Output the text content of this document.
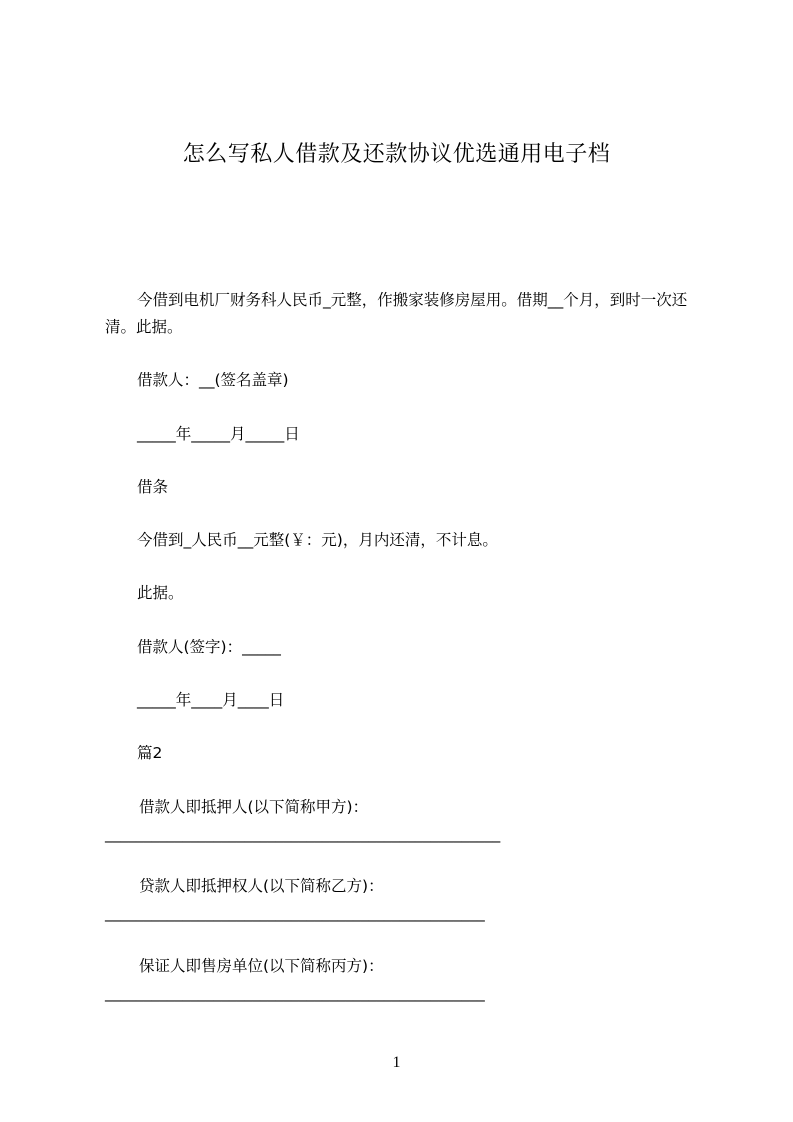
怎么写私人借款及还款协议优选通用电子档
今借到电机厂财务科人民币_元整，作搬家装修房屋用。借期__个月，到时一次还清。此据。
借款人：__(签名盖章)
_____年_____月_____日
借条
今借到_人民币__元整(￥：元)，月内还清，不计息。
此据。
借款人(签字)：_____
_____年____月____日
篇2
借款人即抵押人(以下简称甲方)：___________________________________________________
贷款人即抵押权人(以下简称乙方)：_________________________________________________
保证人即售房单位(以下简称丙方)：_________________________________________________
1
